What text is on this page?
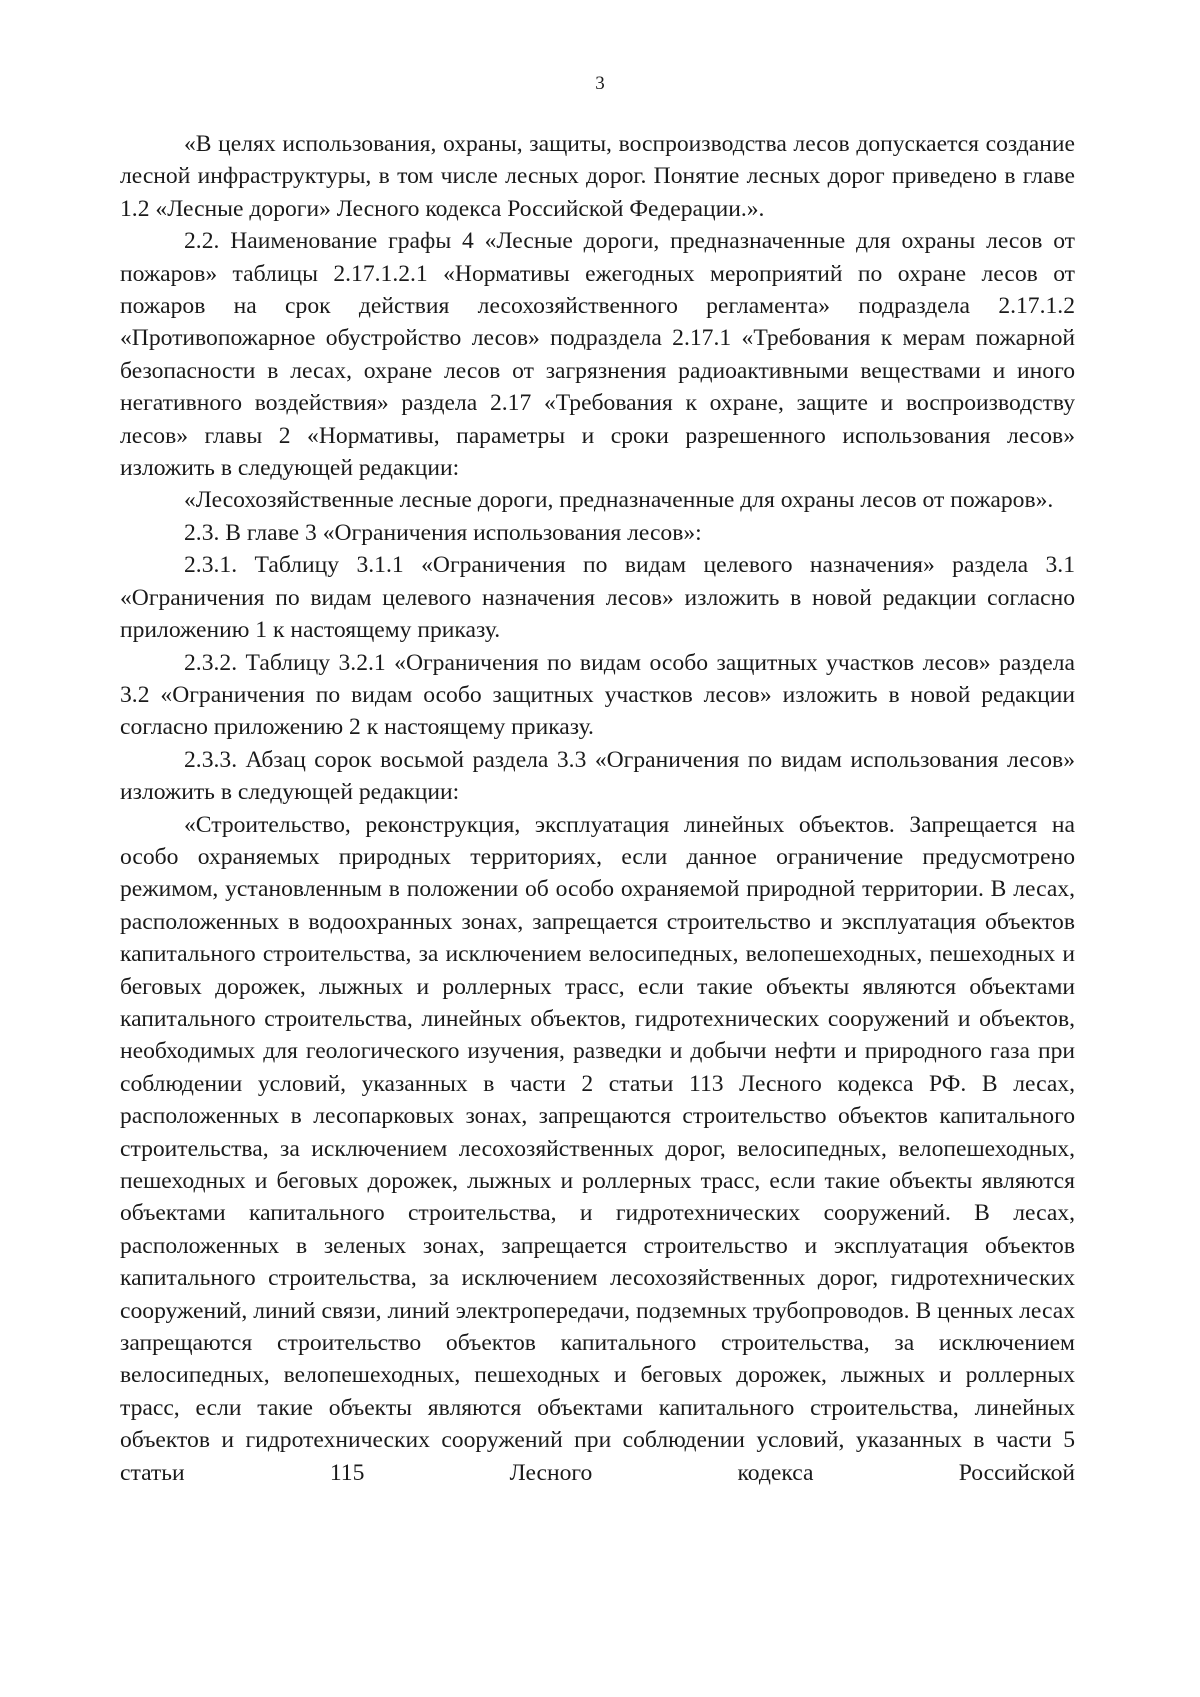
3

«В целях использования, охраны, защиты, воспроизводства лесов допускается создание лесной инфраструктуры, в том числе лесных дорог. Понятие лесных дорог приведено в главе 1.2 «Лесные дороги» Лесного кодекса Российской Федерации.».

2.2. Наименование графы 4 «Лесные дороги, предназначенные для охраны лесов от пожаров» таблицы 2.17.1.2.1 «Нормативы ежегодных мероприятий по охране лесов от пожаров на срок действия лесохозяйственного регламента» подраздела 2.17.1.2 «Противопожарное обустройство лесов» подраздела 2.17.1 «Требования к мерам пожарной безопасности в лесах, охране лесов от загрязнения радиоактивными веществами и иного негативного воздействия» раздела 2.17 «Требования к охране, защите и воспроизводству лесов» главы 2 «Нормативы, параметры и сроки разрешенного использования лесов» изложить в следующей редакции:

«Лесохозяйственные лесные дороги, предназначенные для охраны лесов от пожаров».

2.3. В главе 3 «Ограничения использования лесов»:

2.3.1. Таблицу 3.1.1 «Ограничения по видам целевого назначения» раздела 3.1 «Ограничения по видам целевого назначения лесов» изложить в новой редакции согласно приложению 1 к настоящему приказу.

2.3.2. Таблицу 3.2.1 «Ограничения по видам особо защитных участков лесов» раздела 3.2 «Ограничения по видам особо защитных участков лесов» изложить в новой редакции согласно приложению 2 к настоящему приказу.

2.3.3. Абзац сорок восьмой раздела 3.3 «Ограничения по видам использования лесов» изложить в следующей редакции:

«Строительство, реконструкция, эксплуатация линейных объектов. Запрещается на особо охраняемых природных территориях, если данное ограничение предусмотрено режимом, установленным в положении об особо охраняемой природной территории. В лесах, расположенных в водоохранных зонах, запрещается строительство и эксплуатация объектов капитального строительства, за исключением велосипедных, велопешеходных, пешеходных и беговых дорожек, лыжных и роллерных трасс, если такие объекты являются объектами капитального строительства, линейных объектов, гидротехнических сооружений и объектов, необходимых для геологического изучения, разведки и добычи нефти и природного газа при соблюдении условий, указанных в части 2 статьи 113 Лесного кодекса РФ. В лесах, расположенных в лесопарковых зонах, запрещаются строительство объектов капитального строительства, за исключением лесохозяйственных дорог, велосипедных, велопешеходных, пешеходных и беговых дорожек, лыжных и роллерных трасс, если такие объекты являются объектами капитального строительства, и гидротехнических сооружений. В лесах, расположенных в зеленых зонах, запрещается строительство и эксплуатация объектов капитального строительства, за исключением лесохозяйственных дорог, гидротехнических сооружений, линий связи, линий электропередачи, подземных трубопроводов. В ценных лесах запрещаются строительство объектов капитального строительства, за исключением велосипедных, велопешеходных, пешеходных и беговых дорожек, лыжных и роллерных трасс, если такие объекты являются объектами капитального строительства, линейных объектов и гидротехнических сооружений при соблюдении условий, указанных в части 5 статьи 115 Лесного кодекса Российской
